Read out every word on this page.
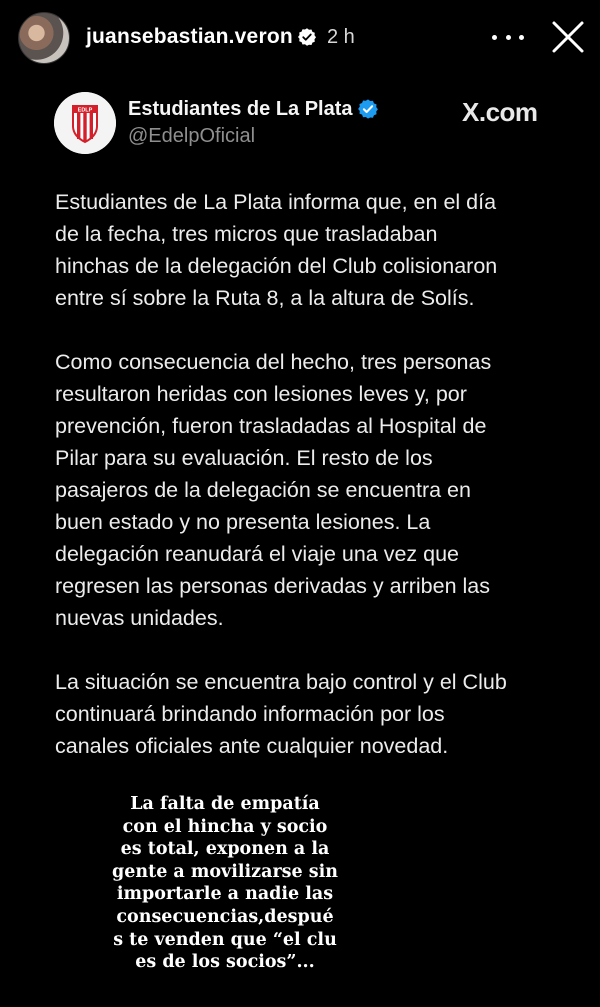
juansebastian.veron 2 h
EDLP Estudiantes de La Plata
@EdelpOficial
X.com

Estudiantes de La Plata informa que, en el día
de la fecha, tres micros que trasladaban
hinchas de la delegación del Club colisionaron
entre sí sobre la Ruta 8, a la altura de Solís.

Como consecuencia del hecho, tres personas
resultaron heridas con lesiones leves y, por
prevención, fueron trasladadas al Hospital de
Pilar para su evaluación. El resto de los
pasajeros de la delegación se encuentra en
buen estado y no presenta lesiones. La
delegación reanudará el viaje una vez que
regresen las personas derivadas y arriben las
nuevas unidades.

La situación se encuentra bajo control y el Club
continuará brindando información por los
canales oficiales ante cualquier novedad.

La falta de empatía
con el hincha y socio
es total, exponen a la
gente a movilizarse sin
importarle a nadie las
consecuencias,despué
s te venden que “el clu
es de los socios”...
